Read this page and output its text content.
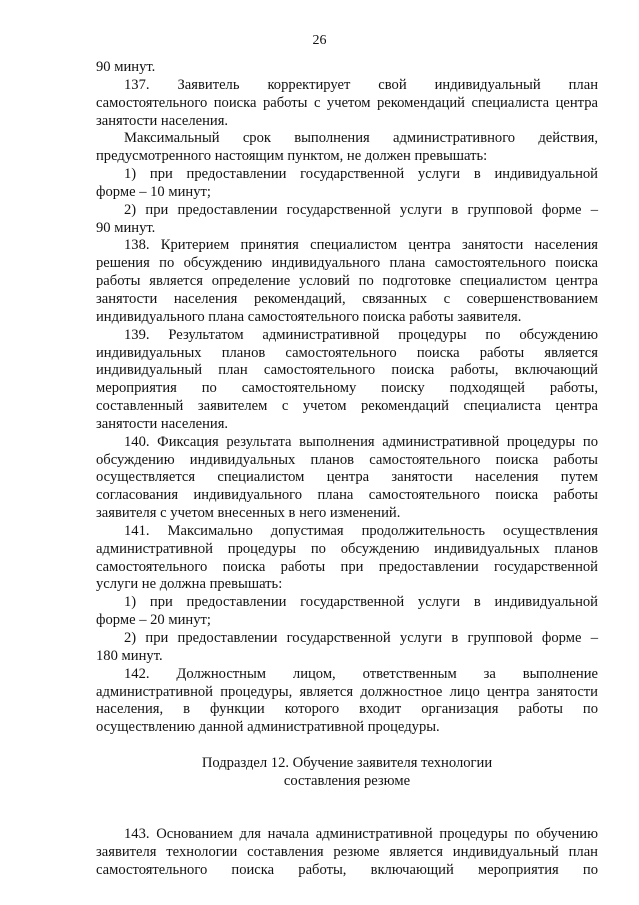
26
90 минут.
137. Заявитель корректирует свой индивидуальный план
самостоятельного поиска работы с учетом рекомендаций специалиста центра
занятости населения.
Максимальный срок выполнения административного действия,
предусмотренного настоящим пунктом, не должен превышать:
1) при предоставлении государственной услуги в индивидуальной
форме – 10 минут;
2) при предоставлении государственной услуги в групповой форме –
90 минут.
138. Критерием принятия специалистом центра занятости населения
решения по обсуждению индивидуального плана самостоятельного поиска
работы является определение условий по подготовке специалистом центра
занятости населения рекомендаций, связанных с совершенствованием
индивидуального плана самостоятельного поиска работы заявителя.
139. Результатом административной процедуры по обсуждению
индивидуальных планов самостоятельного поиска работы является
индивидуальный план самостоятельного поиска работы, включающий
мероприятия по самостоятельному поиску подходящей работы,
составленный заявителем с учетом рекомендаций специалиста центра
занятости населения.
140. Фиксация результата выполнения административной процедуры по
обсуждению индивидуальных планов самостоятельного поиска работы
осуществляется специалистом центра занятости населения путем
согласования индивидуального плана самостоятельного поиска работы
заявителя с учетом внесенных в него изменений.
141. Максимально допустимая продолжительность осуществления
административной процедуры по обсуждению индивидуальных планов
самостоятельного поиска работы при предоставлении государственной
услуги не должна превышать:
1) при предоставлении государственной услуги в индивидуальной
форме – 20 минут;
2) при предоставлении государственной услуги в групповой форме –
180 минут.
142. Должностным лицом, ответственным за выполнение
административной процедуры, является должностное лицо центра занятости
населения, в функции которого входит организация работы по
осуществлению данной административной процедуры.
Подраздел 12. Обучение заявителя технологии
составления резюме
143. Основанием для начала административной процедуры по обучению
заявителя технологии составления резюме является индивидуальный план
самостоятельного поиска работы, включающий мероприятия по
